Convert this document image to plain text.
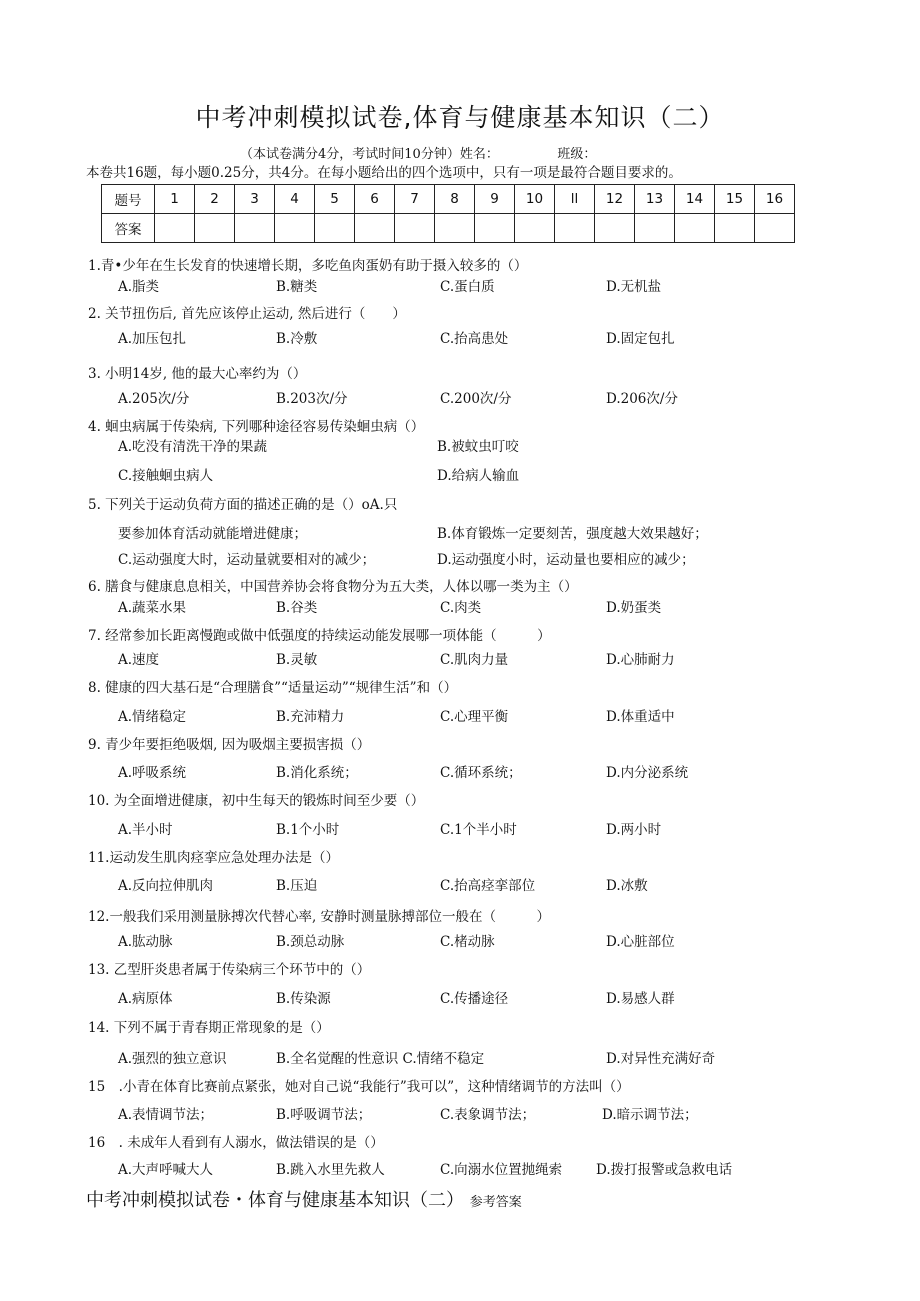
中考冲刺模拟试卷,体育与健康基本知识（二）
（本试卷满分4分，考试时间10分钟）姓名：　　　　　班级：
本卷共16题，每小题0.25分，共4分。在每小题给出的四个选项中，只有一项是最符合题目要求的。
题号	1	2	3	4	5	6	7	8	9	10	ll	12	13	14	15	16
答案																
1.青•少年在生长发育的快速增长期，多吃鱼肉蛋奶有助于摄入较多的（）
A.脂类	B.糖类	C.蛋白质	D.无机盐
2. 关节扭伤后, 首先应该停止运动, 然后进行（　　）
A.加压包扎	B.冷敷	C.抬高患处	D.固定包扎
3. 小明14岁, 他的最大心率约为（）
A.205次/分	B.203次/分	C.200次/分	D.206次/分
4. 蛔虫病属于传染病, 下列哪种途径容易传染蛔虫病（）
A.吃没有清洗干净的果蔬	B.被蚊虫叮咬
C.接触蛔虫病人	D.给病人输血
5. 下列关于运动负荷方面的描述正确的是（）oA.只
要参加体育活动就能增进健康；	B.体育锻炼一定要刻苦，强度越大效果越好；
C.运动强度大时，运动量就要相对的减少；	D.运动强度小时，运动量也要相应的减少；
6. 膳食与健康息息相关，中国营养协会将食物分为五大类，人体以哪一类为主（）
A.蔬菜水果	B.谷类	C.肉类	D.奶蛋类
7. 经常参加长距离慢跑或做中低强度的持续运动能发展哪一项体能（　　　）
A.速度	B.灵敏	C.肌肉力量	D.心肺耐力
8. 健康的四大基石是“合理膳食”“适量运动”“规律生活”和（）
A.情绪稳定	B.充沛精力	C.心理平衡	D.体重适中
9. 青少年要拒绝吸烟, 因为吸烟主要损害损（）
A.呼吸系统	B.消化系统；	C.循环系统；	D.内分泌系统
10. 为全面增进健康，初中生每天的锻炼时间至少要（）
A.半小时	B.1个小时	C.1个半小时	D.两小时
11.运动发生肌肉痉挛应急处理办法是（）
A.反向拉伸肌肉	B.压迫	C.抬高痉挛部位	D.冰敷
12.一般我们采用测量脉搏次代替心率, 安静时测量脉搏部位一般在（　　　）
A.肱动脉	B.颈总动脉	C.楮动脉	D.心脏部位
13. 乙型肝炎患者属于传染病三个环节中的（）
A.病原体	B.传染源	C.传播途径	D.易感人群
14. 下列不属于青春期正常现象的是（）
A.强烈的独立意识	B.全名觉醒的性意识 C.情绪不稳定	D.对异性充满好奇
15　.小青在体育比赛前点紧张，她对自己说“我能行”我可以”，这种情绪调节的方法叫（）
A.表情调节法；	B.呼吸调节法；	C.表象调节法；	D.暗示调节法；
16　. 未成年人看到有人溺水，做法错误的是（）
A.大声呼喊大人	B.跳入水里先救人	C.向溺水位置抛绳索	D.拨打报警或急救电话
中考冲刺模拟试卷・体育与健康基本知识（二） 参考答案
